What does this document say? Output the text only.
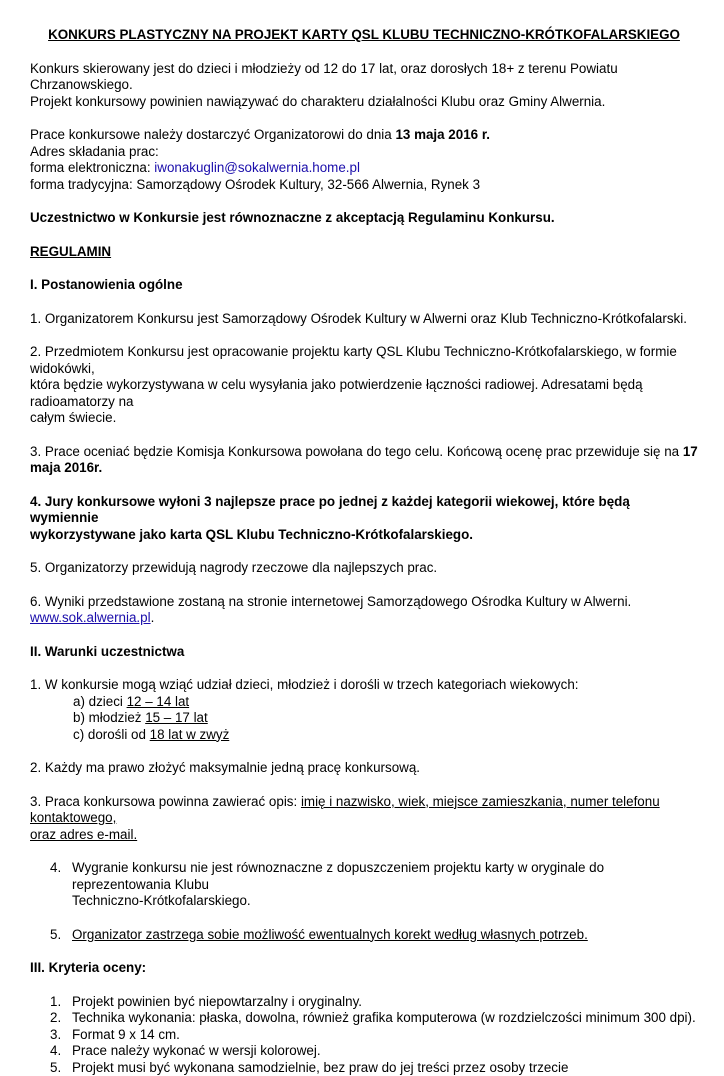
KONKURS PLASTYCZNY NA PROJEKT KARTY QSL KLUBU TECHNICZNO-KRÓTKOFALARSKIEGO

Konkurs skierowany jest do dzieci i młodzieży od 12 do 17 lat, oraz dorosłych 18+ z terenu Powiatu Chrzanowskiego.

Projekt konkursowy powinien nawiązywać do charakteru działalności Klubu oraz Gminy Alwernia.

Prace konkursowe należy dostarczyć Organizatorowi do dnia 13 maja 2016 r.

Adres składania prac:

forma elektroniczna: iwonakuglin@sokalwernia.home.pl

forma tradycyjna: Samorządowy Ośrodek Kultury, 32-566 Alwernia, Rynek 3

Uczestnictwo w Konkursie jest równoznaczne z akceptacją Regulaminu Konkursu.

REGULAMIN

I. Postanowienia ogólne

1. Organizatorem Konkursu jest Samorządowy Ośrodek Kultury w Alwerni oraz Klub Techniczno-Krótkofalarski.

2. Przedmiotem Konkursu jest opracowanie projektu karty QSL Klubu Techniczno-Krótkofalarskiego, w formie widokówki,

która będzie wykorzystywana w celu wysyłania jako potwierdzenie łączności radiowej. Adresatami będą radioamatorzy na

całym świecie.

3. Prace oceniać będzie Komisja Konkursowa powołana do tego celu. Końcową ocenę prac przewiduje się na 17 maja 2016r.

4. Jury konkursowe wyłoni 3 najlepsze prace po jednej z każdej kategorii wiekowej, które będą wymiennie

wykorzystywane jako karta QSL Klubu Techniczno-Krótkofalarskiego.

5. Organizatorzy przewidują nagrody rzeczowe dla najlepszych prac.

6. Wyniki przedstawione zostaną na stronie internetowej Samorządowego Ośrodka Kultury w Alwerni. www.sok.alwernia.pl.

II. Warunki uczestnictwa

1. W konkursie mogą wziąć udział dzieci, młodzież i dorośli w trzech kategoriach wiekowych:

a) dzieci 12 – 14 lat

b) młodzież 15 – 17 lat

c) dorośli od 18 lat w zwyż

2. Każdy ma prawo złożyć maksymalnie jedną pracę konkursową.

3. Praca konkursowa powinna zawierać opis: imię i nazwisko, wiek, miejsce zamieszkania, numer telefonu kontaktowego,

oraz adres e-mail.

4. Wygranie konkursu nie jest równoznaczne z dopuszczeniem projektu karty w oryginale do reprezentowania Klubu

Techniczno-Krótkofalarskiego.

5. Organizator zastrzega sobie możliwość ewentualnych korekt według własnych potrzeb.

III. Kryteria oceny:

1. Projekt powinien być niepowtarzalny i oryginalny.
2. Technika wykonania: płaska, dowolna, również grafika komputerowa (w rozdzielczości minimum 300 dpi).
3. Format 9 x 14 cm.
4. Prace należy wykonać w wersji kolorowej.
5. Projekt musi być wykonana samodzielnie, bez praw do jej treści przez osoby trzecie
